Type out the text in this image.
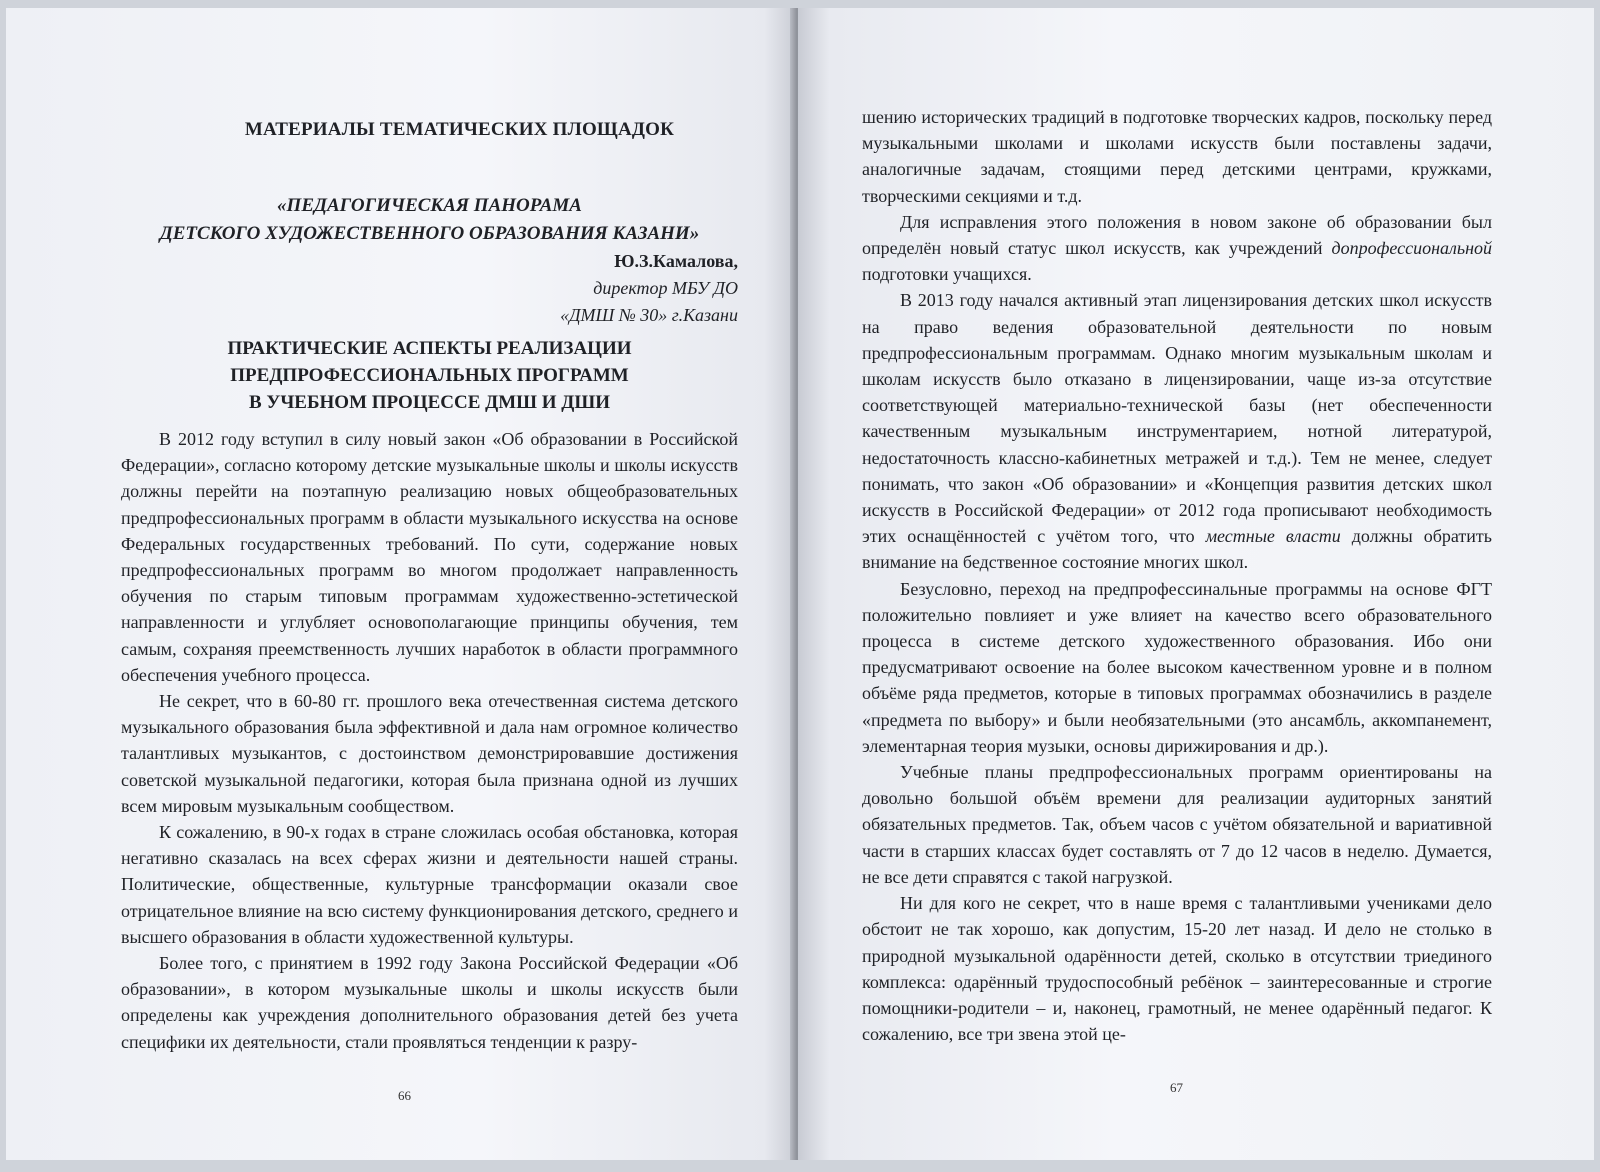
МАТЕРИАЛЫ ТЕМАТИЧЕСКИХ ПЛОЩАДОК
«ПЕДАГОГИЧЕСКАЯ ПАНОРАМА
ДЕТСКОГО ХУДОЖЕСТВЕННОГО ОБРАЗОВАНИЯ КАЗАНИ»
Ю.З.Камалова,
директор МБУ ДО
«ДМШ № 30» г.Казани
ПРАКТИЧЕСКИЕ АСПЕКТЫ РЕАЛИЗАЦИИ
ПРЕДПРОФЕССИОНАЛЬНЫХ ПРОГРАММ
В УЧЕБНОМ ПРОЦЕССЕ ДМШ И ДШИ

В 2012 году вступил в силу новый закон «Об образовании в Российской Федерации», согласно которому детские музыкальные школы и школы искусств должны перейти на поэтапную реализацию новых общеобразовательных предпрофессиональных программ в области музыкального искусства на основе Федеральных государственных требований. По сути, содержание новых предпрофессиональных программ во многом продолжает направленность обучения по старым типовым программам художественно-эстетической направленности и углубляет основополагающие принципы обучения, тем самым, сохраняя преемственность лучших наработок в области программного обеспечения учебного процесса.

Не секрет, что в 60-80 гг. прошлого века отечественная система детского музыкального образования была эффективной и дала нам огромное количество талантливых музыкантов, с достоинством демонстрировавшие достижения советской музыкальной педагогики, которая была признана одной из лучших всем мировым музыкальным сообществом.

К сожалению, в 90-х годах в стране сложилась особая обстановка, которая негативно сказалась на всех сферах жизни и деятельности нашей страны. Политические, общественные, культурные трансформации оказали свое отрицательное влияние на всю систему функционирования детского, среднего и высшего образования в области художественной культуры.

Более того, с принятием в 1992 году Закона Российской Федерации «Об образовании», в котором музыкальные школы и школы искусств были определены как учреждения дополнительного образования детей без учета специфики их деятельности, стали проявляться тенденции к разру-

66

шению исторических традиций в подготовке творческих кадров, поскольку перед музыкальными школами и школами искусств были поставлены задачи, аналогичные задачам, стоящими перед детскими центрами, кружками, творческими секциями и т.д.

Для исправления этого положения в новом законе об образовании был определён новый статус школ искусств, как учреждений допрофессиональной подготовки учащихся.

В 2013 году начался активный этап лицензирования детских школ искусств на право ведения образовательной деятельности по новым предпрофессиональным программам. Однако многим музыкальным школам и школам искусств было отказано в лицензировании, чаще из-за отсутствие соответствующей материально-технической базы (нет обеспеченности качественным музыкальным инструментарием, нотной литературой, недостаточность классно-кабинетных метражей и т.д.). Тем не менее, следует понимать, что закон «Об образовании» и «Концепция развития детских школ искусств в Российской Федерации» от 2012 года прописывают необходимость этих оснащённостей с учётом того, что местные власти должны обратить внимание на бедственное состояние многих школ.

Безусловно, переход на предпрофессинальные программы на основе ФГТ положительно повлияет и уже влияет на качество всего образовательного процесса в системе детского художественного образования. Ибо они предусматривают освоение на более высоком качественном уровне и в полном объёме ряда предметов, которые в типовых программах обозначились в разделе «предмета по выбору» и были необязательными (это ансамбль, аккомпанемент, элементарная теория музыки, основы дирижирования и др.).

Учебные планы предпрофессиональных программ ориентированы на довольно большой объём времени для реализации аудиторных занятий обязательных предметов. Так, объем часов с учётом обязательной и вариативной части в старших классах будет составлять от 7 до 12 часов в неделю. Думается, не все дети справятся с такой нагрузкой.

Ни для кого не секрет, что в наше время с талантливыми учениками дело обстоит не так хорошо, как допустим, 15-20 лет назад. И дело не столько в природной музыкальной одарённости детей, сколько в отсутствии триединого комплекса: одарённый трудоспособный ребёнок – заинтересованные и строгие помощники-родители – и, наконец, грамотный, не менее одарённый педагог. К сожалению, все три звена этой це-

67
